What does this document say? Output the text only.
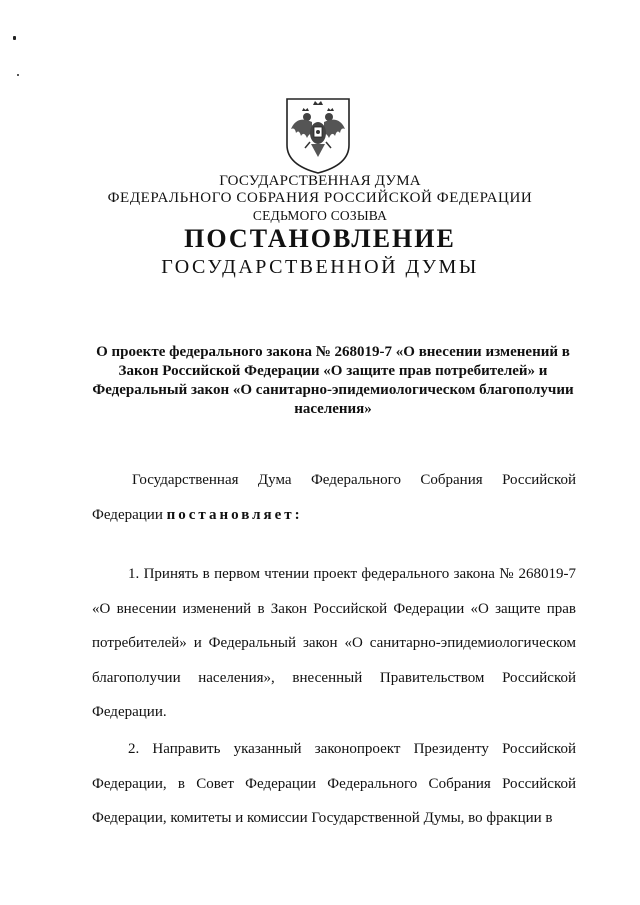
ГОСУДАРСТВЕННАЯ ДУМА
ФЕДЕРАЛЬНОГО СОБРАНИЯ РОССИЙСКОЙ ФЕДЕРАЦИИ
СЕДЬМОГО СОЗЫВА
ПОСТАНОВЛЕНИЕ
ГОСУДАРСТВЕННОЙ ДУМЫ
О проекте федерального закона № 268019-7 «О внесении изменений в Закон Российской Федерации «О защите прав потребителей» и Федеральный закон «О санитарно-эпидемиологическом благополучии населения»
Государственная Дума Федерального Собрания Российской Федерации постановляет:
1. Принять в первом чтении проект федерального закона № 268019-7 «О внесении изменений в Закон Российской Федерации «О защите прав потребителей» и Федеральный закон «О санитарно-эпидемиологическом благополучии населения», внесенный Правительством Российской Федерации.
2. Направить указанный законопроект Президенту Российской Федерации, в Совет Федерации Федерального Собрания Российской Федерации, комитеты и комиссии Государственной Думы, во фракции в
